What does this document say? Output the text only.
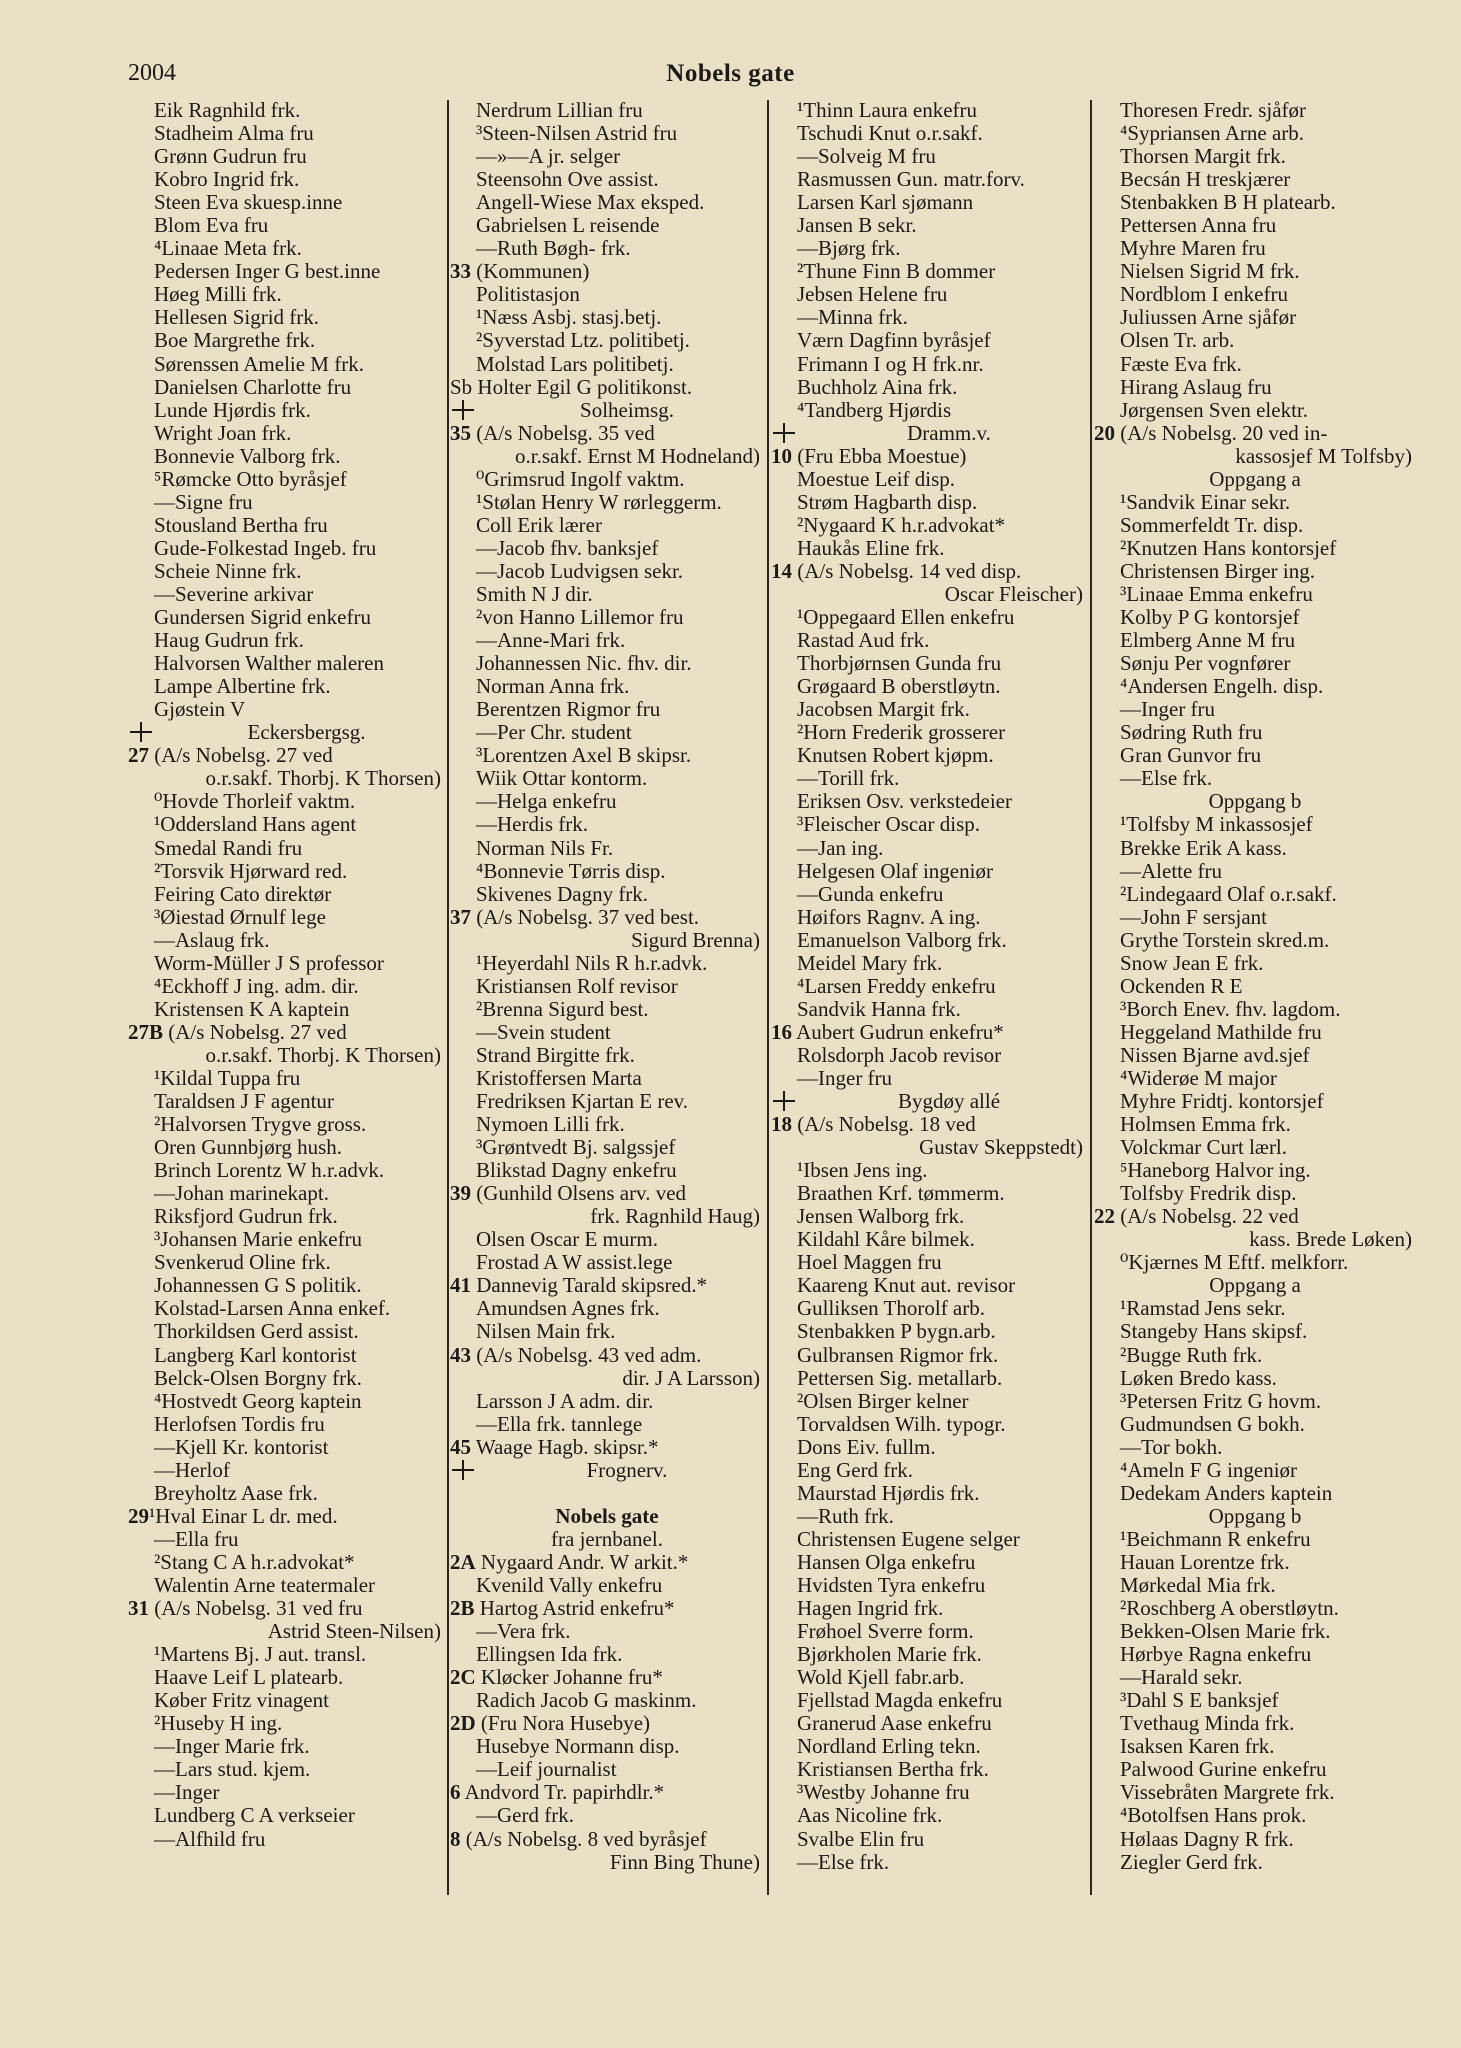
2004	Nobels gate
Eik Ragnhild frk.
Stadheim Alma fru
Grønn Gudrun fru
Kobro Ingrid frk.
Steen Eva skuesp.inne
Blom Eva fru
⁴Linaae Meta frk.
Pedersen Inger G best.inne
Høeg Milli frk.
Hellesen Sigrid frk.
Boe Margrethe frk.
Sørenssen Amelie M frk.
Danielsen Charlotte fru
Lunde Hjørdis frk.
Wright Joan frk.
Bonnevie Valborg frk.
⁵Rømcke Otto byråsjef
—Signe fru
Stousland Bertha fru
Gude-Folkestad Ingeb. fru
Scheie Ninne frk.
—Severine arkivar
Gundersen Sigrid enkefru
Haug Gudrun frk.
Halvorsen Walther maleren
Lampe Albertine frk.
Gjøstein V
Eckersbergsg.
27 (A/s Nobelsg. 27 ved
o.r.sakf. Thorbj. K Thorsen)
⁰Hovde Thorleif vaktm.
¹Oddersland Hans agent
Smedal Randi fru
²Torsvik Hjørward red.
Feiring Cato direktør
³Øiestad Ørnulf lege
—Aslaug frk.
Worm-Müller J S professor
⁴Eckhoff J ing. adm. dir.
Kristensen K A kaptein
27B (A/s Nobelsg. 27 ved
o.r.sakf. Thorbj. K Thorsen)
¹Kildal Tuppa fru
Taraldsen J F agentur
²Halvorsen Trygve gross.
Oren Gunnbjørg hush.
Brinch Lorentz W h.r.advk.
—Johan marinekapt.
Riksfjord Gudrun frk.
³Johansen Marie enkefru
Svenkerud Oline frk.
Johannessen G S politik.
Kolstad-Larsen Anna enkef.
Thorkildsen Gerd assist.
Langberg Karl kontorist
Belck-Olsen Borgny frk.
⁴Hostvedt Georg kaptein
Herlofsen Tordis fru
—Kjell Kr. kontorist
—Herlof
Breyholtz Aase frk.
29¹Hval Einar L dr. med.
—Ella fru
²Stang C A h.r.advokat*
Walentin Arne teatermaler
31 (A/s Nobelsg. 31 ved fru
Astrid Steen-Nilsen)
¹Martens Bj. J aut. transl.
Haave Leif L platearb.
Køber Fritz vinagent
²Huseby H ing.
—Inger Marie frk.
—Lars stud. kjem.
—Inger
Lundberg C A verkseier
—Alfhild fru
Nerdrum Lillian fru
³Steen-Nilsen Astrid fru
—»—A jr. selger
Steensohn Ove assist.
Angell-Wiese Max eksped.
Gabrielsen L reisende
—Ruth Bøgh- frk.
33 (Kommunen)
Politistasjon
¹Næss Asbj. stasj.betj.
²Syverstad Ltz. politibetj.
Molstad Lars politibetj.
Sb Holter Egil G politikonst.
Solheimsg.
35 (A/s Nobelsg. 35 ved
o.r.sakf. Ernst M Hodneland)
⁰Grimsrud Ingolf vaktm.
¹Stølan Henry W rørleggerm.
Coll Erik lærer
—Jacob fhv. banksjef
—Jacob Ludvigsen sekr.
Smith N J dir.
²von Hanno Lillemor fru
—Anne-Mari frk.
Johannessen Nic. fhv. dir.
Norman Anna frk.
Berentzen Rigmor fru
—Per Chr. student
³Lorentzen Axel B skipsr.
Wiik Ottar kontorm.
—Helga enkefru
—Herdis frk.
Norman Nils Fr.
⁴Bonnevie Tørris disp.
Skivenes Dagny frk.
37 (A/s Nobelsg. 37 ved best.
Sigurd Brenna)
¹Heyerdahl Nils R h.r.advk.
Kristiansen Rolf revisor
²Brenna Sigurd best.
—Svein student
Strand Birgitte frk.
Kristoffersen Marta
Fredriksen Kjartan E rev.
Nymoen Lilli frk.
³Grøntvedt Bj. salgssjef
Blikstad Dagny enkefru
39 (Gunhild Olsens arv. ved
frk. Ragnhild Haug)
Olsen Oscar E murm.
Frostad A W assist.lege
41 Dannevig Tarald skipsred.*
Amundsen Agnes frk.
Nilsen Main frk.
43 (A/s Nobelsg. 43 ved adm.
dir. J A Larsson)
Larsson J A adm. dir.
—Ella frk. tannlege
45 Waage Hagb. skipsr.*
Frognerv.
Nobels gate
fra jernbanel.
2A Nygaard Andr. W arkit.*
Kvenild Vally enkefru
2B Hartog Astrid enkefru*
—Vera frk.
Ellingsen Ida frk.
2C Kløcker Johanne fru*
Radich Jacob G maskinm.
2D (Fru Nora Husebye)
Husebye Normann disp.
—Leif journalist
6 Andvord Tr. papirhdlr.*
—Gerd frk.
8 (A/s Nobelsg. 8 ved byråsjef
Finn Bing Thune)
¹Thinn Laura enkefru
Tschudi Knut o.r.sakf.
—Solveig M fru
Rasmussen Gun. matr.forv.
Larsen Karl sjømann
Jansen B sekr.
—Bjørg frk.
²Thune Finn B dommer
Jebsen Helene fru
—Minna frk.
Værn Dagfinn byråsjef
Frimann I og H frk.nr.
Buchholz Aina frk.
⁴Tandberg Hjørdis
Dramm.v.
10 (Fru Ebba Moestue)
Moestue Leif disp.
Strøm Hagbarth disp.
²Nygaard K h.r.advokat*
Haukås Eline frk.
14 (A/s Nobelsg. 14 ved disp.
Oscar Fleischer)
¹Oppegaard Ellen enkefru
Rastad Aud frk.
Thorbjørnsen Gunda fru
Grøgaard B oberstløytn.
Jacobsen Margit frk.
²Horn Frederik grosserer
Knutsen Robert kjøpm.
—Torill frk.
Eriksen Osv. verkstedeier
³Fleischer Oscar disp.
—Jan ing.
Helgesen Olaf ingeniør
—Gunda enkefru
Høifors Ragnv. A ing.
Emanuelson Valborg frk.
Meidel Mary frk.
⁴Larsen Freddy enkefru
Sandvik Hanna frk.
16 Aubert Gudrun enkefru*
Rolsdorph Jacob revisor
—Inger fru
Bygdøy allé
18 (A/s Nobelsg. 18 ved
Gustav Skeppstedt)
¹Ibsen Jens ing.
Braathen Krf. tømmerm.
Jensen Walborg frk.
Kildahl Kåre bilmek.
Hoel Maggen fru
Kaareng Knut aut. revisor
Gulliksen Thorolf arb.
Stenbakken P bygn.arb.
Gulbransen Rigmor frk.
Pettersen Sig. metallarb.
²Olsen Birger kelner
Torvaldsen Wilh. typogr.
Dons Eiv. fullm.
Eng Gerd frk.
Maurstad Hjørdis frk.
—Ruth frk.
Christensen Eugene selger
Hansen Olga enkefru
Hvidsten Tyra enkefru
Hagen Ingrid frk.
Frøhoel Sverre form.
Bjørkholen Marie frk.
Wold Kjell fabr.arb.
Fjellstad Magda enkefru
Granerud Aase enkefru
Nordland Erling tekn.
Kristiansen Bertha frk.
³Westby Johanne fru
Aas Nicoline frk.
Svalbe Elin fru
—Else frk.
Thoresen Fredr. sjåfør
⁴Sypriansen Arne arb.
Thorsen Margit frk.
Becsán H treskjærer
Stenbakken B H platearb.
Pettersen Anna fru
Myhre Maren fru
Nielsen Sigrid M frk.
Nordblom I enkefru
Juliussen Arne sjåfør
Olsen Tr. arb.
Fæste Eva frk.
Hirang Aslaug fru
Jørgensen Sven elektr.
20 (A/s Nobelsg. 20 ved in-
kassosjef M Tolfsby)
Oppgang a
¹Sandvik Einar sekr.
Sommerfeldt Tr. disp.
²Knutzen Hans kontorsjef
Christensen Birger ing.
³Linaae Emma enkefru
Kolby P G kontorsjef
Elmberg Anne M fru
Sønju Per vognfører
⁴Andersen Engelh. disp.
—Inger fru
Sødring Ruth fru
Gran Gunvor fru
—Else frk.
Oppgang b
¹Tolfsby M inkassosjef
Brekke Erik A kass.
—Alette fru
²Lindegaard Olaf o.r.sakf.
—John F sersjant
Grythe Torstein skred.m.
Snow Jean E frk.
Ockenden R E
³Borch Enev. fhv. lagdom.
Heggeland Mathilde fru
Nissen Bjarne avd.sjef
⁴Widerøe M major
Myhre Fridtj. kontorsjef
Holmsen Emma frk.
Volckmar Curt lærl.
⁵Haneborg Halvor ing.
Tolfsby Fredrik disp.
22 (A/s Nobelsg. 22 ved
kass. Brede Løken)
⁰Kjærnes M Eftf. melkforr.
Oppgang a
¹Ramstad Jens sekr.
Stangeby Hans skipsf.
²Bugge Ruth frk.
Løken Bredo kass.
³Petersen Fritz G hovm.
Gudmundsen G bokh.
—Tor bokh.
⁴Ameln F G ingeniør
Dedekam Anders kaptein
Oppgang b
¹Beichmann R enkefru
Hauan Lorentze frk.
Mørkedal Mia frk.
²Roschberg A oberstløytn.
Bekken-Olsen Marie frk.
Hørbye Ragna enkefru
—Harald sekr.
³Dahl S E banksjef
Tvethaug Minda frk.
Isaksen Karen frk.
Palwood Gurine enkefru
Vissebråten Margrete frk.
⁴Botolfsen Hans prok.
Hølaas Dagny R frk.
Ziegler Gerd frk.
